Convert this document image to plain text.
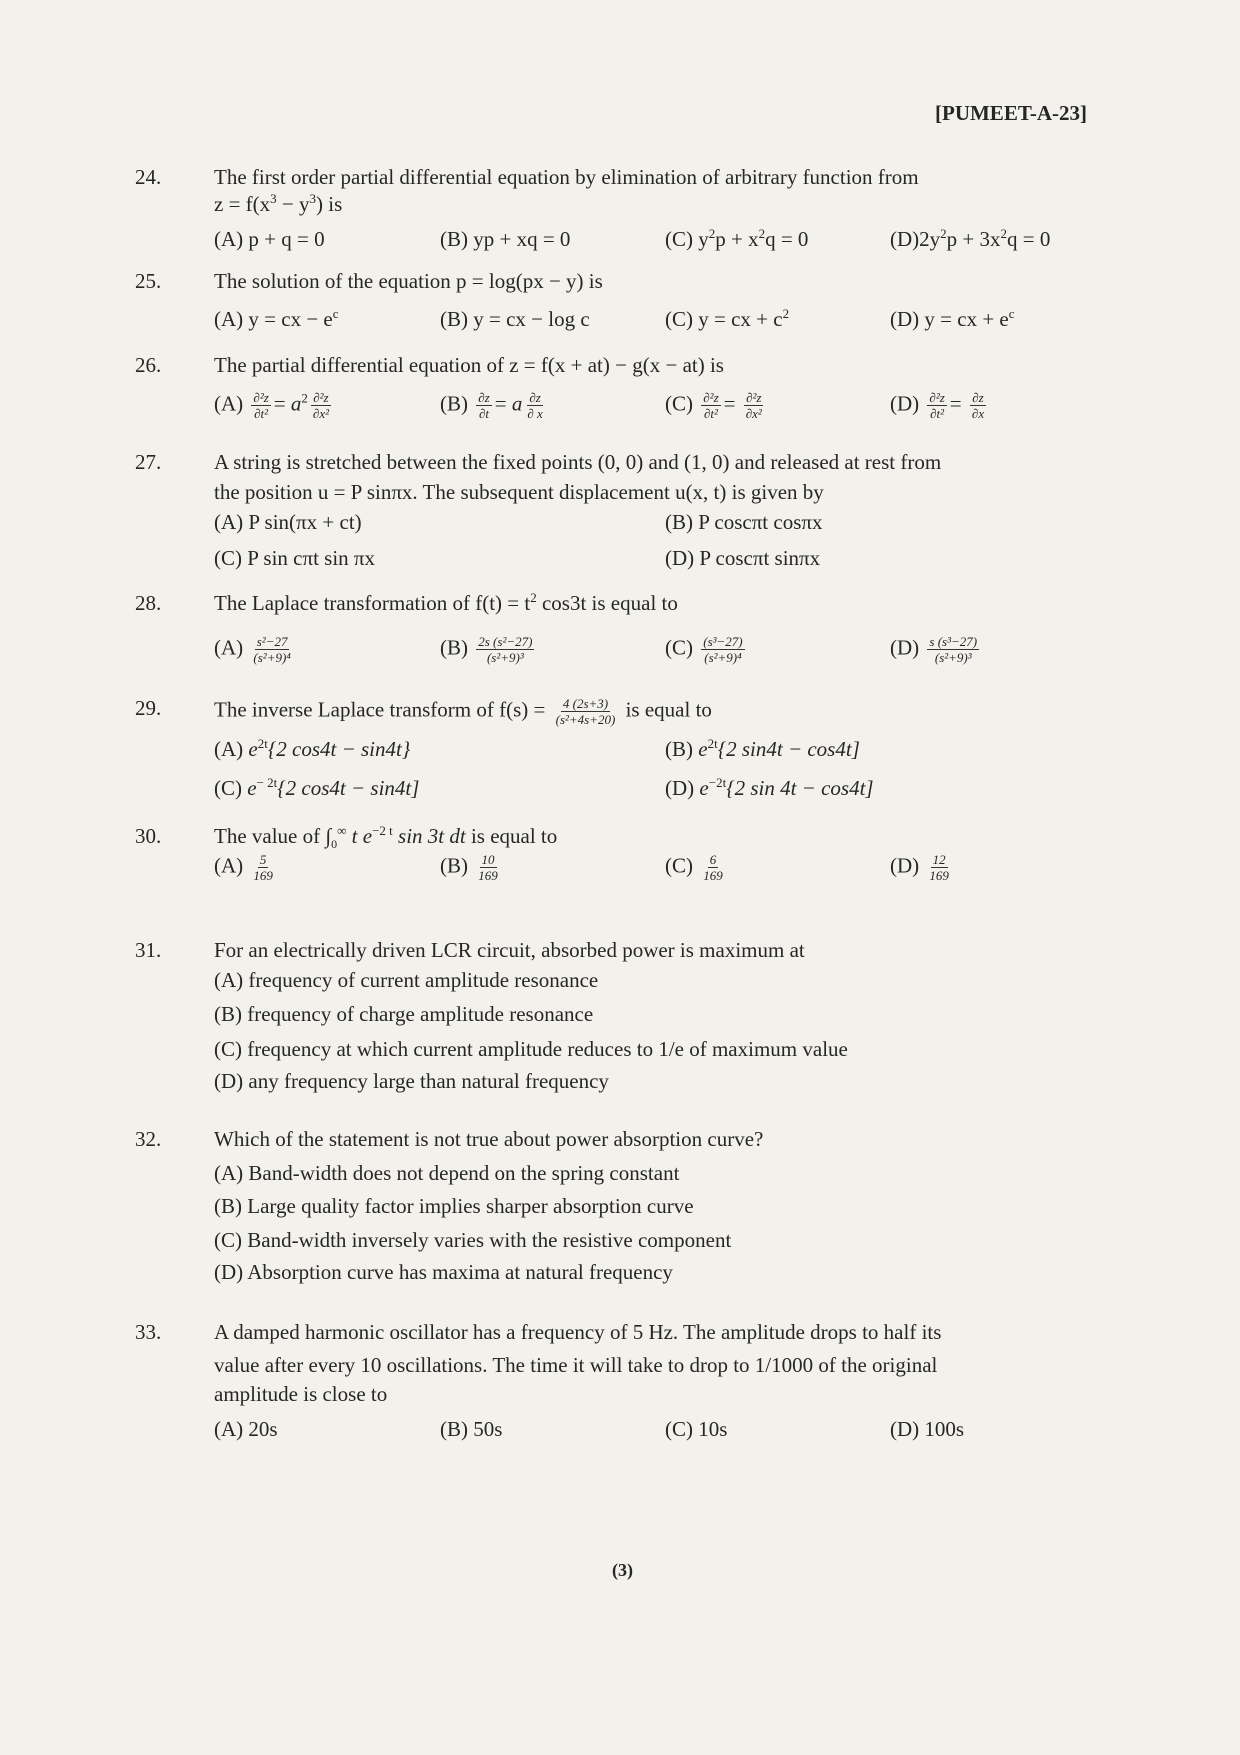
[PUMEET-A-23]
24.	The first order partial differential equation by elimination of arbitrary function from
$z = f(x^3 - y^3)$ is
(A) p + q = 0	(B) yp + xq = 0	(C) $y^2p + x^2q = 0$	$(D)2y^2p + 3x^2q = 0$
25.	The solution of the equation p = log(px − y) is
(A) y = cx − $e^c$	(B) y = cx − log c	(C) y = cx + $c^2$	(D) y = cx + $e^c$
26.	The partial differential equation of z = f(x + at) − g(x − at) is
$(A) \frac{\text{∂²z}}{\text{∂t²}} = a^2 \frac{\text{∂²z}}{\text{∂x²}}$	$(B) \frac{\partial z}{\partial t} = a \frac{\partial z}{\partial x}$	$(C) \frac{\text{∂²z}}{\text{∂t²}} = \frac{\text{∂²z}}{\text{∂x²}}$	$(D) \frac{\text{∂²z}}{\text{∂t²}} = \frac{\partial z}{\partial x}$
27.	A string is stretched between the fixed points (0, 0) and (1, 0) and released at rest from
the position u = P sinπx. The subsequent displacement u(x, t) is given by
(A) P sin(πx + ct)	(B) P coscπt cosπx
(C) P sin cπt sin πx	(D) P coscπt sinπx
28.	The Laplace transformation of $f(t) = t^2$ cos3t is equal to
$(A) \frac{\text{s²−27}}{\text{(s²+9)⁴}}$	$(B) \frac{\text{2s (s²−27)}}{\text{(s²+9)³}}$	$(C) \frac{\text{(s³−27)}}{\text{(s²+9)⁴}}$	$(D) \frac{\text{s (s³−27)}}{\text{(s²+9)³}}$
29.	The inverse Laplace transform of $f(s) = \frac{4 (2s+3)}{\text{(s²+4s+20)}}$ is equal to
(A) $e^{2t}\{2$ cos4t − sin4t}	(B) $e^{2t}\{2$ sin4t − cos4t]
(C) $e^{- 2t}\{2$ cos4t − sin4t]	(D) $e^{-2t}\{2$ sin 4t − cos4t]
30.	The value of $\int_0^\infty$ t $e^{-2 t}$ sin 3t dt is equal to
$(A) \frac{5}{169}$	$(B) \frac{10}{169}$	$(C) \frac{6}{169}$	$(D) \frac{12}{169}$
31.	For an electrically driven LCR circuit, absorbed power is maximum at
(A) frequency of current amplitude resonance
(B) frequency of charge amplitude resonance
(C) frequency at which current amplitude reduces to 1/e of maximum value
(D) any frequency large than natural frequency
32.	Which of the statement is not true about power absorption curve?
(A) Band-width does not depend on the spring constant
(B) Large quality factor implies sharper absorption curve
(C) Band-width inversely varies with the resistive component
(D) Absorption curve has maxima at natural frequency
33.	A damped harmonic oscillator has a frequency of 5 Hz. The amplitude drops to half its
value after every 10 oscillations. The time it will take to drop to 1/1000 of the original
amplitude is close to
(A) 20s	(B) 50s	(C) 10s	(D) 100s
(3)
